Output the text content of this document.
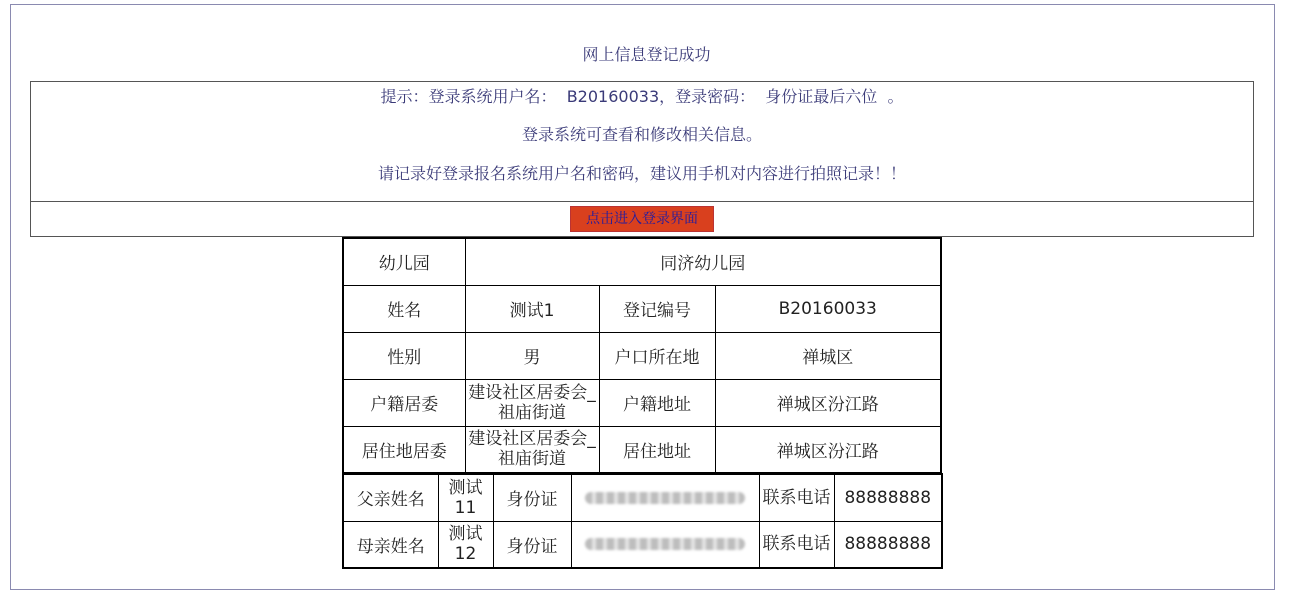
网上信息登记成功
提示：登录系统用户名：  B20160033，登录密码：  身份证最后六位  。
登录系统可查看和修改相关信息。
请记录好登录报名系统用户名和密码，建议用手机对内容进行拍照记录！！
点击进入登录界面
幼儿园	同济幼儿园		
姓名	测试1	登记编号	B20160033
性别	男	户口所在地	禅城区
户籍居委	建设社区居委会_祖庙街道	户籍地址	禅城区汾江路
居住地居委	建设社区居委会_祖庙街道	居住地址	禅城区汾江路
父亲姓名	测试11	身份证		联系电话	88888888
母亲姓名	测试12	身份证		联系电话	88888888
